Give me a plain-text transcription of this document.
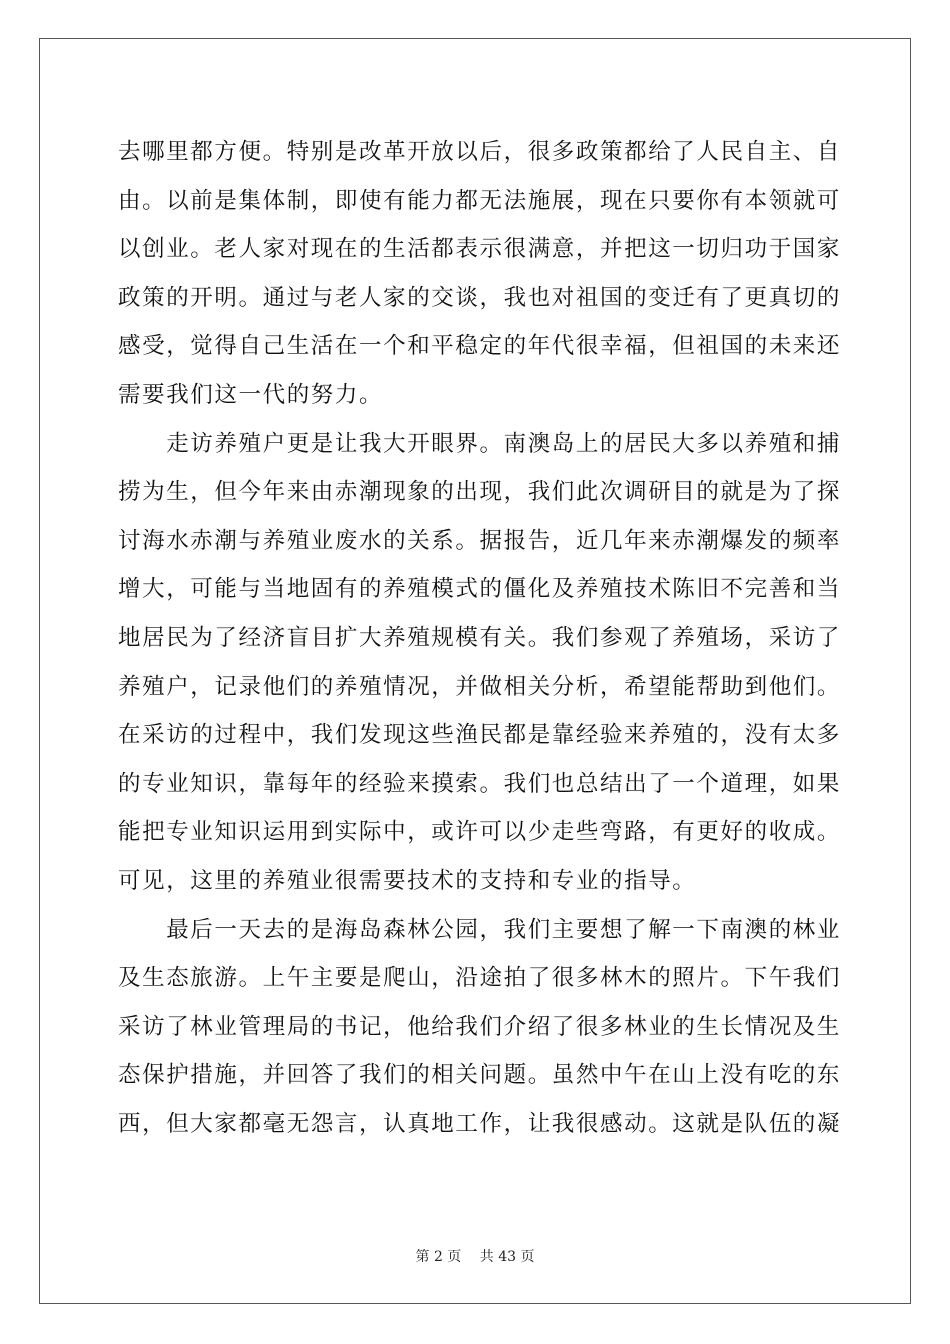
去哪里都方便。特别是改革开放以后，很多政策都给了人民自主、自
由。以前是集体制，即使有能力都无法施展，现在只要你有本领就可
以创业。老人家对现在的生活都表示很满意，并把这一切归功于国家
政策的开明。通过与老人家的交谈，我也对祖国的变迁有了更真切的
感受，觉得自己生活在一个和平稳定的年代很幸福，但祖国的未来还
需要我们这一代的努力。

　　走访养殖户更是让我大开眼界。南澳岛上的居民大多以养殖和捕
捞为生，但今年来由赤潮现象的出现，我们此次调研目的就是为了探
讨海水赤潮与养殖业废水的关系。据报告，近几年来赤潮爆发的频率
增大，可能与当地固有的养殖模式的僵化及养殖技术陈旧不完善和当
地居民为了经济盲目扩大养殖规模有关。我们参观了养殖场，采访了
养殖户，记录他们的养殖情况，并做相关分析，希望能帮助到他们。
在采访的过程中，我们发现这些渔民都是靠经验来养殖的，没有太多
的专业知识，靠每年的经验来摸索。我们也总结出了一个道理，如果
能把专业知识运用到实际中，或许可以少走些弯路，有更好的收成。
可见，这里的养殖业很需要技术的支持和专业的指导。

　　最后一天去的是海岛森林公园，我们主要想了解一下南澳的林业
及生态旅游。上午主要是爬山，沿途拍了很多林木的照片。下午我们
采访了林业管理局的书记，他给我们介绍了很多林业的生长情况及生
态保护措施，并回答了我们的相关问题。虽然中午在山上没有吃的东
西，但大家都毫无怨言，认真地工作，让我很感动。这就是队伍的凝

第 2 页　 共 43 页
